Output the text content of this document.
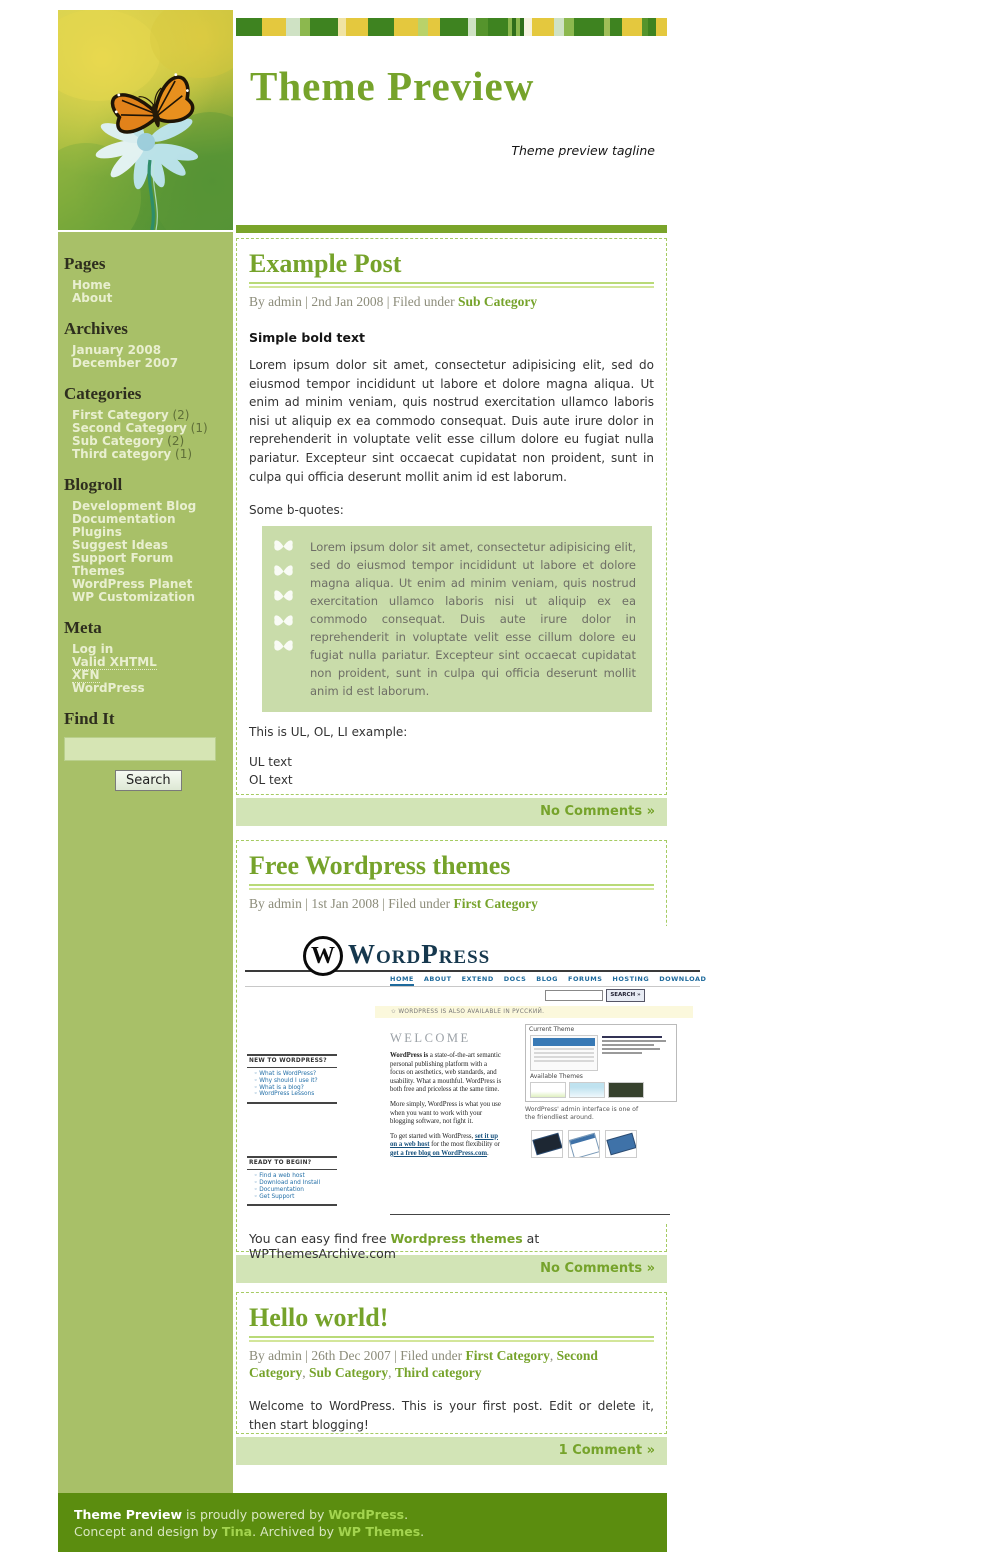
Pages
Home
About
Archives
January 2008
December 2007
Categories
First Category (2)
Second Category (1)
Sub Category (2)
Third category (1)
Blogroll
Development Blog
Documentation
Plugins
Suggest Ideas
Support Forum
Themes
WordPress Planet
WP Customization
Meta
Log in
Valid XHTML
XFN
WordPress
Find It
Search
Theme Preview
Theme preview tagline
Example Post
By admin | 2nd Jan 2008 | Filed under Sub Category

Simple bold text

Lorem ipsum dolor sit amet, consectetur adipisicing elit, sed do eiusmod tempor incididunt ut labore et dolore magna aliqua. Ut enim ad minim veniam, quis nostrud exercitation ullamco laboris nisi ut aliquip ex ea commodo consequat. Duis aute irure dolor in reprehenderit in voluptate velit esse cillum dolore eu fugiat nulla pariatur. Excepteur sint occaecat cupidatat non proident, sunt in culpa qui officia deserunt mollit anim id est laborum.

Some b-quotes:

Lorem ipsum dolor sit amet, consectetur adipisicing elit, sed do eiusmod tempor incididunt ut labore et dolore magna aliqua. Ut enim ad minim veniam, quis nostrud exercitation ullamco laboris nisi ut aliquip ex ea commodo consequat. Duis aute irure dolor in reprehenderit in voluptate velit esse cillum dolore eu fugiat nulla pariatur. Excepteur sint occaecat cupidatat non proident, sunt in culpa qui officia deserunt mollit anim id est laborum.

This is UL, OL, LI example:

UL text

OL text

No Comments »
Free Wordpress themes
By admin | 1st Jan 2008 | Filed under First Category
W WordPress
HOME ABOUT EXTEND DOCS BLOG FORUMS HOSTING DOWNLOAD
SEARCH »
✩ WORDPRESS IS ALSO AVAILABLE IN РУССКИЙ.
WELCOME
NEW TO WORDPRESS?
◦ What is WordPress?
◦ Why should I use it?
◦ What is a blog?
◦ WordPress Lessons
READY TO BEGIN?
◦ Find a web host
◦ Download and Install
◦ Documentation
◦ Get Support

WordPress is a state-of-the-art semantic personal publishing platform with a focus on aesthetics, web standards, and usability. What a mouthful. WordPress is both free and priceless at the same time.

More simply, WordPress is what you use when you want to work with your blogging software, not fight it.

To get started with WordPress, set it up on a web host for the most flexibility or get a free blog on WordPress.com.

Current Theme
Available Themes
WordPress' admin interface is one of the friendliest around.

You can easy find free Wordpress themes at WPThemesArchive.com

No Comments »
Hello world!
By admin | 26th Dec 2007 | Filed under First Category, Second Category, Sub Category, Third category

Welcome to WordPress. This is your first post. Edit or delete it, then start blogging!

1 Comment »
Theme Preview is proudly powered by WordPress.
Concept and design by Tina. Archived by WP Themes.
